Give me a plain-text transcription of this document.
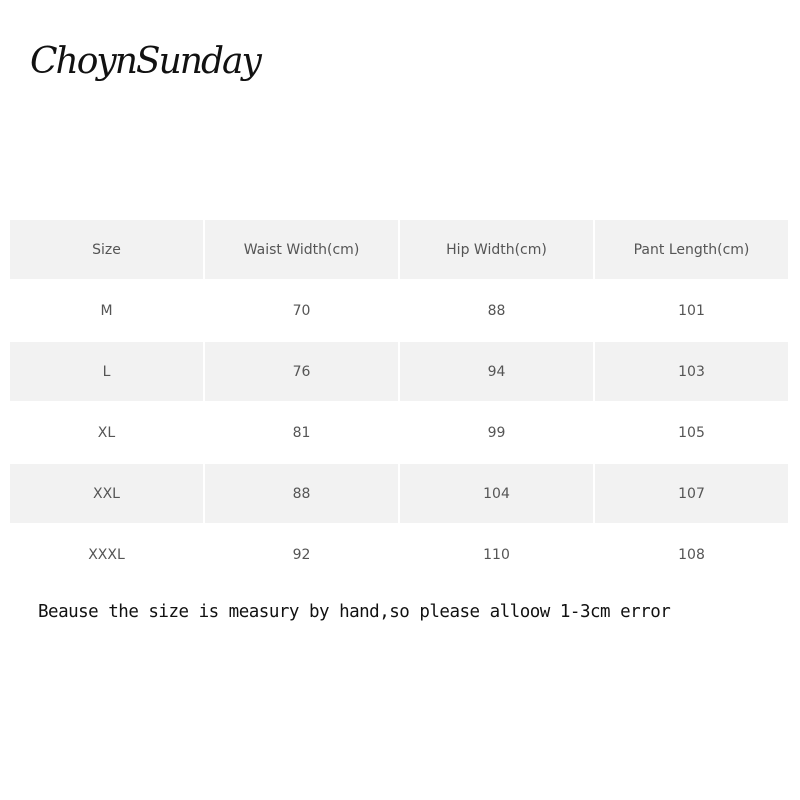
ChoynSunday
Size	Waist Width(cm)	Hip Width(cm)	Pant Length(cm)
M	70	88	101
L	76	94	103
XL	81	99	105
XXL	88	104	107
XXXL	92	110	108
Beause the size is measury by hand,so please alloow 1-3cm error
